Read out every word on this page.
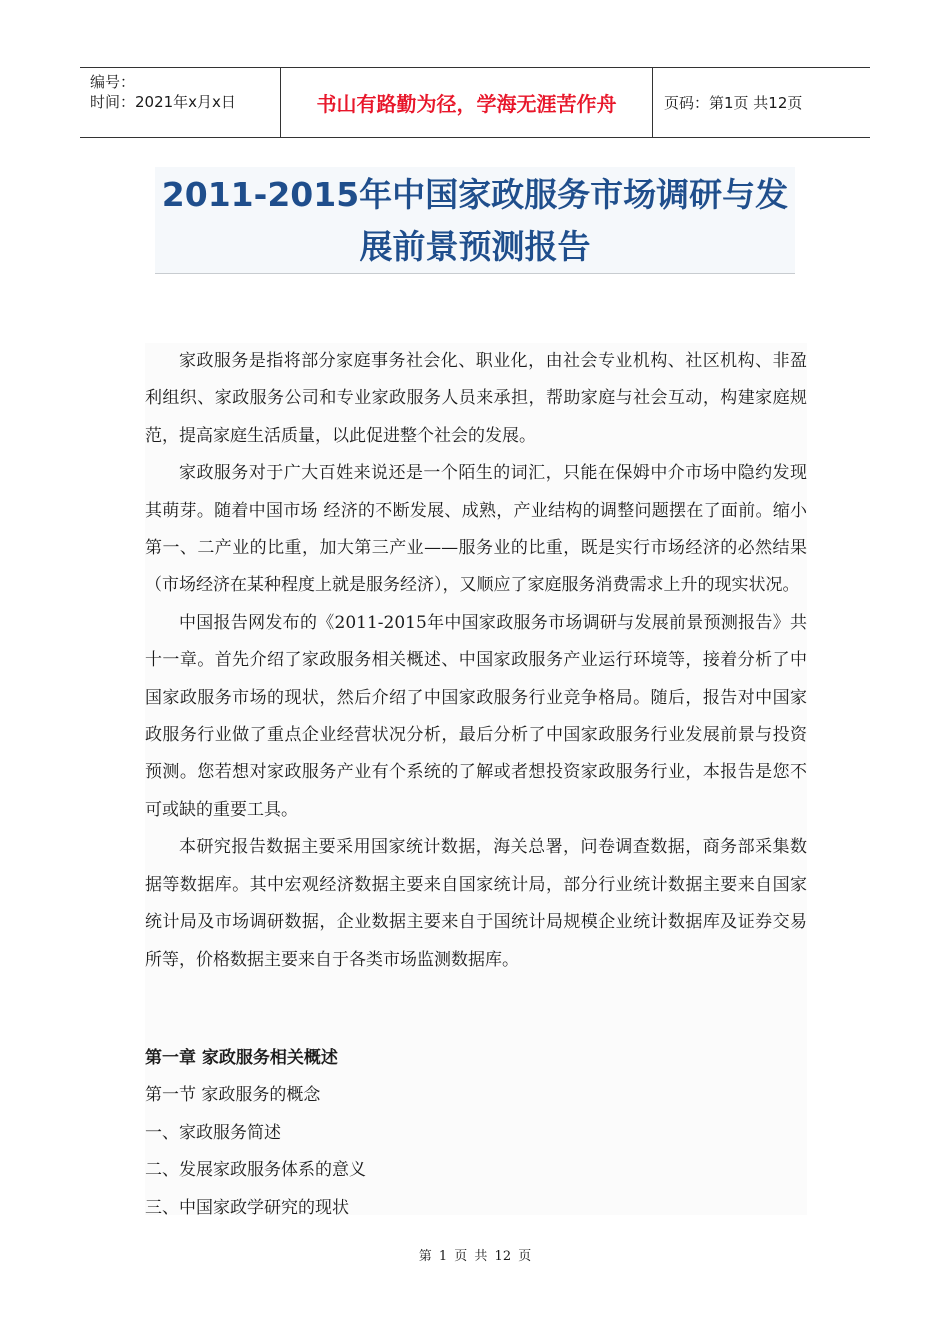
编号：
时间：2021年x月x日	书山有路勤为径，学海无涯苦作舟	页码：第1页 共12页
2011-2015年中国家政服务市场调研与发
展前景预测报告

家政服务是指将部分家庭事务社会化、职业化，由社会专业机构、社区机构、非盈利组织、家政服务公司和专业家政服务人员来承担，帮助家庭与社会互动，构建家庭规范，提高家庭生活质量，以此促进整个社会的发展。

家政服务对于广大百姓来说还是一个陌生的词汇，只能在保姆中介市场中隐约发现其萌芽。随着中国市场 经济的不断发展、成熟，产业结构的调整问题摆在了面前。缩小第一、二产业的比重，加大第三产业——服务业的比重，既是实行市场经济的必然结果（市场经济在某种程度上就是服务经济），又顺应了家庭服务消费需求上升的现实状况。

中国报告网发布的《2011-2015年中国家政服务市场调研与发展前景预测报告》共十一章。首先介绍了家政服务相关概述、中国家政服务产业运行环境等，接着分析了中国家政服务市场的现状，然后介绍了中国家政服务行业竞争格局。随后，报告对中国家政服务行业做了重点企业经营状况分析，最后分析了中国家政服务行业发展前景与投资预测。您若想对家政服务产业有个系统的了解或者想投资家政服务行业，本报告是您不可或缺的重要工具。

本研究报告数据主要采用国家统计数据，海关总署，问卷调查数据，商务部采集数据等数据库。其中宏观经济数据主要来自国家统计局，部分行业统计数据主要来自国家统计局及市场调研数据，企业数据主要来自于国统计局规模企业统计数据库及证券交易所等，价格数据主要来自于各类市场监测数据库。

第一章 家政服务相关概述
第一节 家政服务的概念
一、家政服务简述
二、发展家政服务体系的意义
三、中国家政学研究的现状
第 1 页 共 12 页
